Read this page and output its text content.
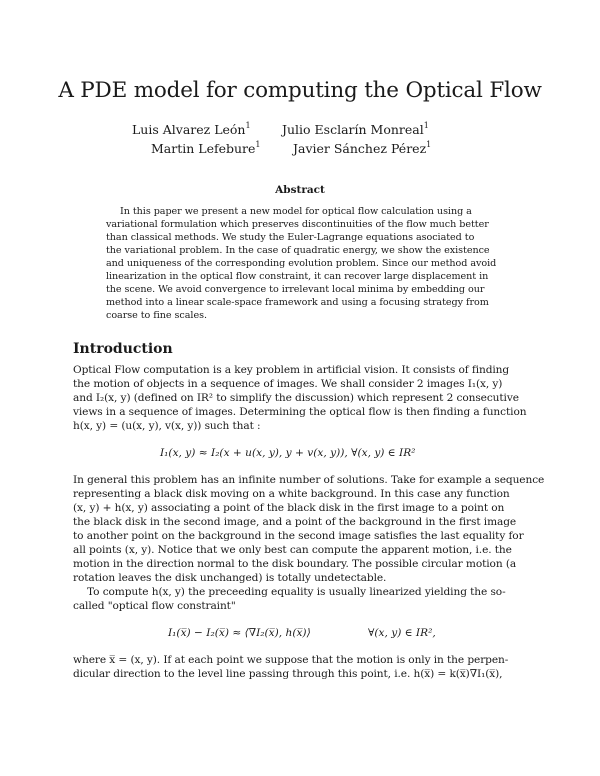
A PDE model for computing the Optical Flow
Luis Alvarez León$^1$	Julio Esclarín Monreal$^1$
Martin Lefebure$^1$	Javier Sánchez Pérez$^1$
Abstract
In this paper we present a new model for optical flow calculation using a
variational formulation which preserves discontinuities of the flow much better
than classical methods. We study the Euler-Lagrange equations asociated to
the variational problem. In the case of quadratic energy, we show the existence
and uniqueness of the corresponding evolution problem. Since our method avoid
linearization in the optical flow constraint, it can recover large displacement in
the scene. We avoid convergence to irrelevant local minima by embedding our
method into a linear scale-space framework and using a focusing strategy from
coarse to fine scales.
Introduction
Optical Flow computation is a key problem in artificial vision. It consists of finding
the motion of objects in a sequence of images. We shall consider 2 images I₁(x, y)
and I₂(x, y) (defined on IR² to simplify the discussion) which represent 2 consecutive
views in a sequence of images. Determining the optical flow is then finding a function
h(x, y) = (u(x, y), v(x, y)) such that :
I₁(x, y) ≈ I₂(x + u(x, y), y + v(x, y)), ∀(x, y) ∈ IR²
In general this problem has an infinite number of solutions. Take for example a sequence
representing a black disk moving on a white background. In this case any function
(x, y) + h(x, y) associating a point of the black disk in the first image to a point on
the black disk in the second image, and a point of the background in the first image
to another point on the background in the second image satisfies the last equality for
all points (x, y). Notice that we only best can compute the apparent motion, i.e. the
motion in the direction normal to the disk boundary. The possible circular motion (a
rotation leaves the disk unchanged) is totally undetectable.
To compute h(x, y) the preceeding equality is usually linearized yielding the so-
called "optical flow constraint"
I₁(x̅) − I₂(x̅) ≈ ⟨∇I₂(x̅), h(x̅)⟩	∀(x, y) ∈ IR²,
where x̅ = (x, y). If at each point we suppose that the motion is only in the perpen-
dicular direction to the level line passing through this point, i.e. h(x̅) = k(x̅)∇I₁(x̅),
